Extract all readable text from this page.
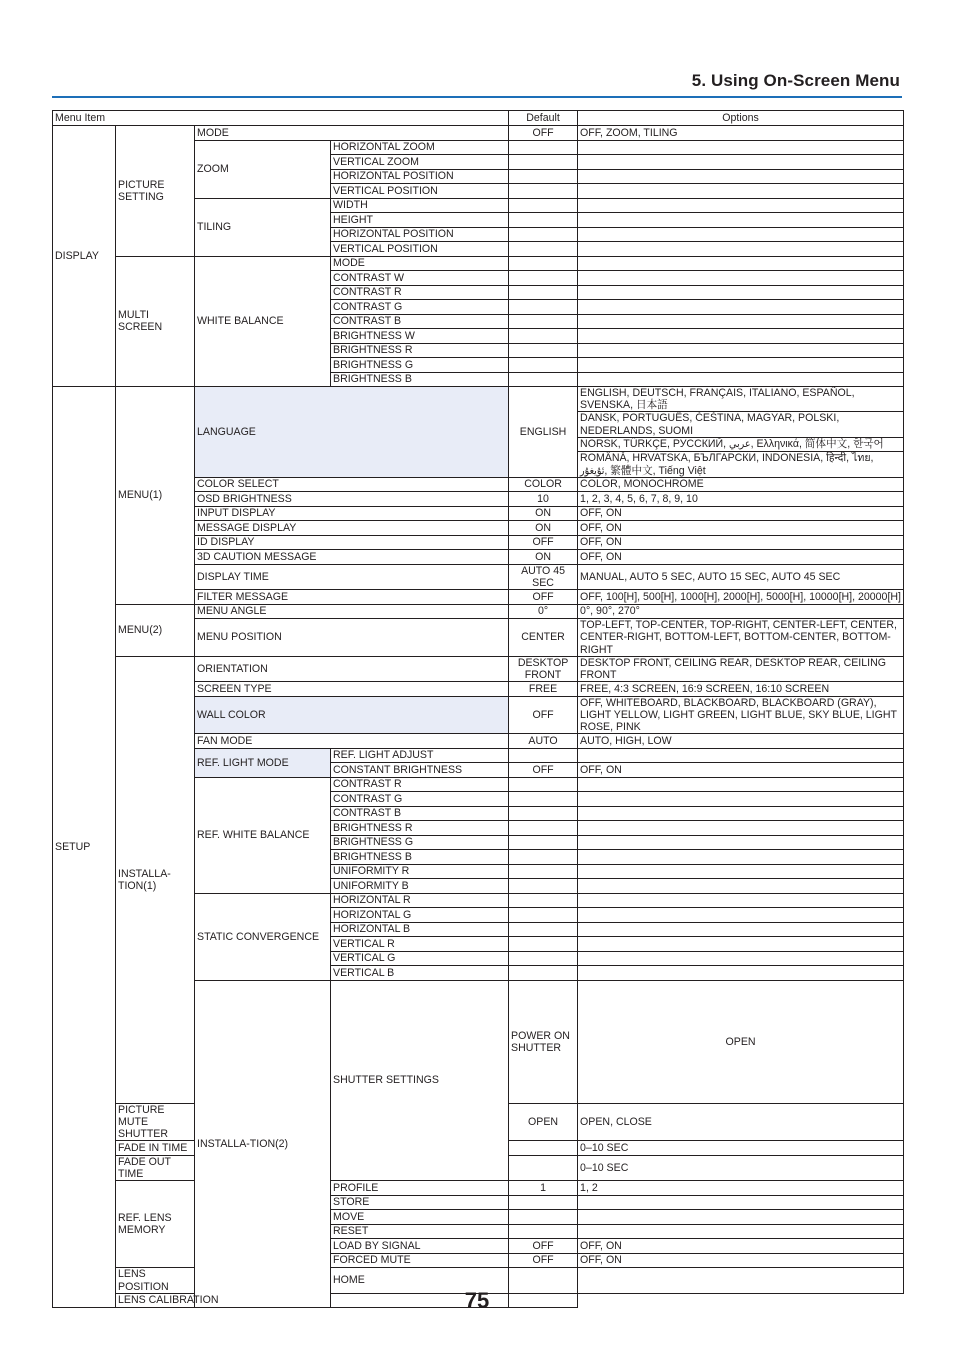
5. Using On-Screen Menu
Menu Item				Default	Options	
DISPLAY	PICTURE SETTING	MODE		OFF	OFF, ZOOM, TILING	
		ZOOM	HORIZONTAL ZOOM			
			VERTICAL ZOOM			
			HORIZONTAL POSITION			
			VERTICAL POSITION			
		TILING	WIDTH			
			HEIGHT			
			HORIZONTAL POSITION			
			VERTICAL POSITION			
	MULTI SCREEN	WHITE BALANCE	MODE			
			CONTRAST W			
			CONTRAST R			
			CONTRAST G			
			CONTRAST B			
			BRIGHTNESS W			
			BRIGHTNESS R			
			BRIGHTNESS G			
			BRIGHTNESS B			
SETUP	MENU(1)	LANGUAGE		ENGLISH	ENGLISH, DEUTSCH, FRANÇAIS, ITALIANO, ESPAÑOL, SVENSKA, 日本語	
					DANSK, PORTUGUÊS, ČEŠTINA, MAGYAR, POLSKI, NEDERLANDS, SUOMI	
					NORSK, TÜRKÇE, РУССКИЙ, عربي, Ελληνικά, 简体中文, 한국어	
					ROMÂNĂ, HRVATSKA, БЪЛГАРСКИ, INDONESIA, हिन्दी, ไทย, ئۇيغۇر, 繁體中文, Tiếng Việt	
		COLOR SELECT		COLOR	COLOR, MONOCHROME	
		OSD BRIGHTNESS		10	1, 2, 3, 4, 5, 6, 7, 8, 9, 10	
		INPUT DISPLAY		ON	OFF, ON	
		MESSAGE DISPLAY		ON	OFF, ON	
		ID DISPLAY		OFF	OFF, ON	
		3D CAUTION MESSAGE		ON	OFF, ON	
		DISPLAY TIME		AUTO 45 SEC	MANUAL, AUTO 5 SEC, AUTO 15 SEC, AUTO 45 SEC	
		FILTER MESSAGE		OFF	OFF, 100[H], 500[H], 1000[H], 2000[H], 5000[H], 10000[H], 20000[H]	
	MENU(2)	MENU ANGLE		0°	0°, 90°, 270°	
		MENU POSITION		CENTER	TOP-LEFT, TOP-CENTER, TOP-RIGHT, CENTER-LEFT, CENTER, CENTER-RIGHT, BOTTOM-LEFT, BOTTOM-CENTER, BOTTOM-RIGHT	
	INSTALLA-TION(1)	ORIENTATION		DESKTOP FRONT	DESKTOP FRONT, CEILING REAR, DESKTOP REAR, CEILING FRONT	
		SCREEN TYPE		FREE	FREE, 4:3 SCREEN, 16:9 SCREEN, 16:10 SCREEN	
		WALL COLOR		OFF	OFF, WHITEBOARD, BLACKBOARD, BLACKBOARD (GRAY), LIGHT YELLOW, LIGHT GREEN, LIGHT BLUE, SKY BLUE, LIGHT ROSE, PINK	
		FAN MODE		AUTO	AUTO, HIGH, LOW	
		REF. LIGHT MODE	REF. LIGHT ADJUST			
			CONSTANT BRIGHTNESS	OFF	OFF, ON	
		REF. WHITE BALANCE	CONTRAST R			
			CONTRAST G			
			CONTRAST B			
			BRIGHTNESS R			
			BRIGHTNESS G			
			BRIGHTNESS B			
			UNIFORMITY R			
			UNIFORMITY B			
		STATIC CONVERGENCE	HORIZONTAL R			
			HORIZONTAL G			
			HORIZONTAL B			
			VERTICAL R			
			VERTICAL G			
			VERTICAL B			
		INSTALLA-TION(2)	SHUTTER SETTINGS	POWER ON SHUTTER	OPEN	
	PICTURE MUTE SHUTTER			OPEN	OPEN, CLOSE	
	FADE IN TIME				0–10 SEC	
	FADE OUT TIME				0–10 SEC	
	REF. LENS MEMORY		PROFILE	1	1, 2	
			STORE			
			MOVE			
			RESET			
			LOAD BY SIGNAL	OFF	OFF, ON	
			FORCED MUTE	OFF	OFF, ON	
	LENS POSITION		HOME			
	LENS CALIBRATION						75
